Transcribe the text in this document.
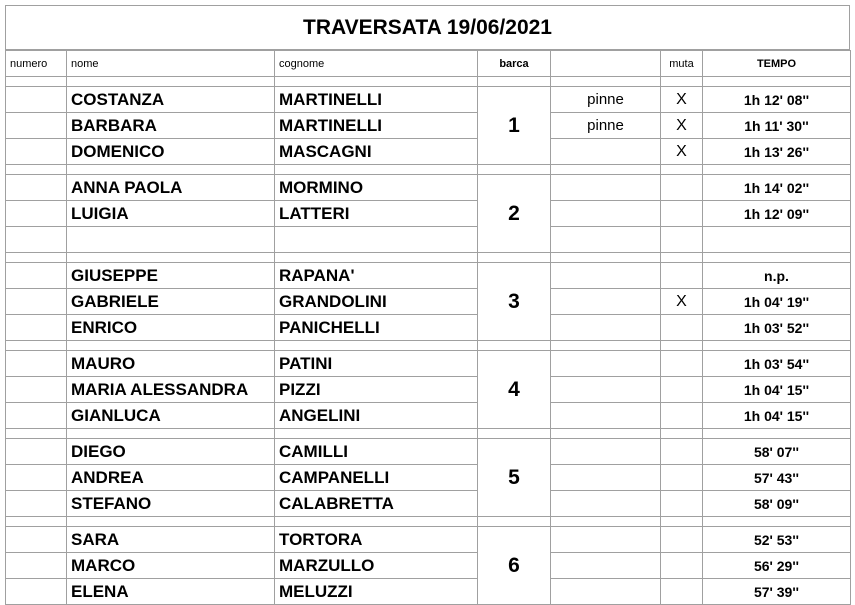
TRAVERSATA 19/06/2021
numero	nome	cognome	barca		muta	TEMPO

	COSTANZA	MARTINELLI	1	pinne	X	1h 12' 08''
	BARBARA	MARTINELLI		pinne	X	1h 11' 30''
	DOMENICO	MASCAGNI			X	1h 13' 26''

	ANNA PAOLA	MORMINO	2			1h 14' 02''
	LUIGIA	LATTERI				1h 12' 09''

	GIUSEPPE	RAPANA'	3			n.p.
	GABRIELE	GRANDOLINI			X	1h 04' 19''
	ENRICO	PANICHELLI				1h 03' 52''

	MAURO	PATINI	4			1h 03' 54''
	MARIA ALESSANDRA	PIZZI				1h 04' 15''
	GIANLUCA	ANGELINI				1h 04' 15''

	DIEGO	CAMILLI	5			58' 07''
	ANDREA	CAMPANELLI				57' 43''
	STEFANO	CALABRETTA				58' 09''

	SARA	TORTORA	6			52' 53''
	MARCO	MARZULLO				56' 29''
	ELENA	MELUZZI				57' 39''
